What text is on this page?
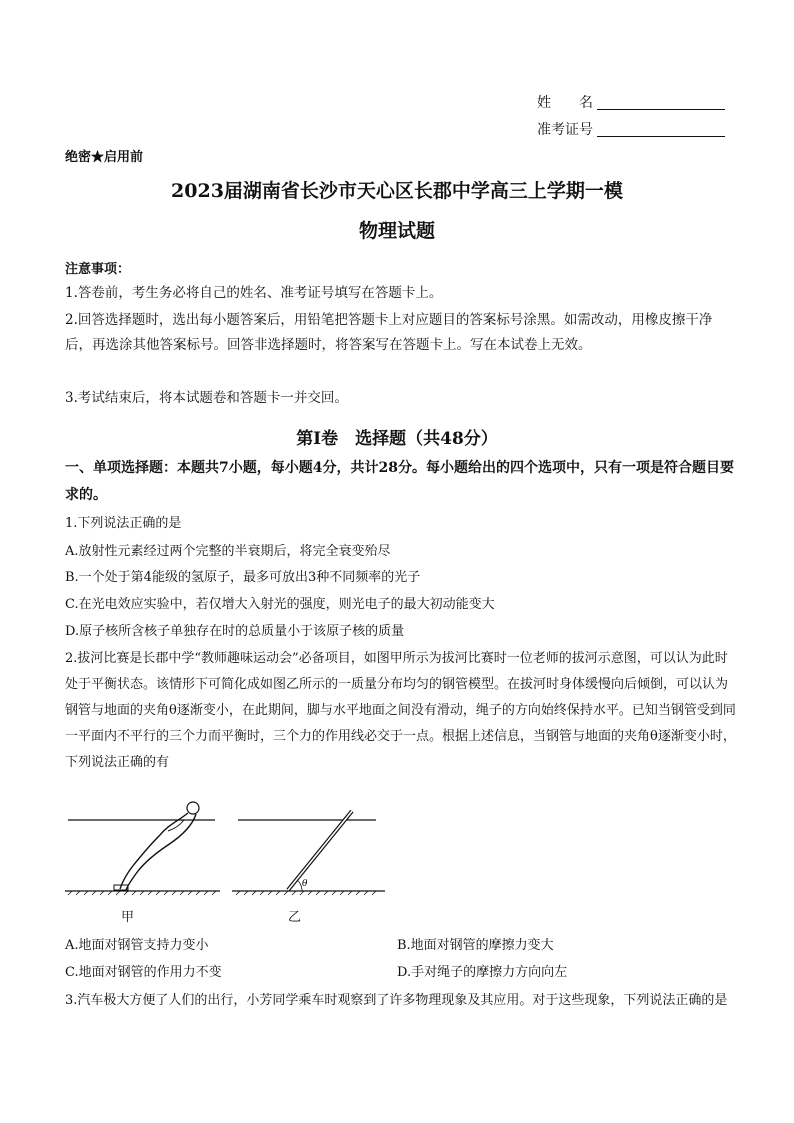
姓　　名
准考证号
绝密★启用前
2023届湖南省长沙市天心区长郡中学高三上学期一模
物理试题
注意事项：
1.答卷前，考生务必将自己的姓名、准考证号填写在答题卡上。
2.回答选择题时，选出每小题答案后，用铅笔把答题卡上对应题目的答案标号涂黑。如需改动，用橡皮擦干净后，再选涂其他答案标号。回答非选择题时，将答案写在答题卡上。写在本试卷上无效。
3.考试结束后，将本试题卷和答题卡一并交回。
第Ⅰ卷　选择题（共48分）
一、单项选择题：本题共7小题，每小题4分，共计28分。每小题给出的四个选项中，只有一项是符合题目要求的。
1.下列说法正确的是
A.放射性元素经过两个完整的半衰期后，将完全衰变殆尽
B.一个处于第4能级的氢原子，最多可放出3种不同频率的光子
C.在光电效应实验中，若仅增大入射光的强度，则光电子的最大初动能变大
D.原子核所含核子单独存在时的总质量小于该原子核的质量
2.拔河比赛是长郡中学“教师趣味运动会”必备项目，如图甲所示为拔河比赛时一位老师的拔河示意图，可以认为此时处于平衡状态。该情形下可简化成如图乙所示的一质量分布均匀的钢管模型。在拔河时身体缓慢向后倾倒，可以认为钢管与地面的夹角θ逐渐变小，在此期间，脚与水平地面之间没有滑动，绳子的方向始终保持水平。已知当钢管受到同一平面内不平行的三个力而平衡时，三个力的作用线必交于一点。根据上述信息，当钢管与地面的夹角θ逐渐变小时，下列说法正确的有
θ
甲	乙
A.地面对钢管支持力变小	B.地面对钢管的摩擦力变大
C.地面对钢管的作用力不变	D.手对绳子的摩擦力方向向左
3.汽车极大方便了人们的出行，小芳同学乘车时观察到了许多物理现象及其应用。对于这些现象，下列说法正确的是
